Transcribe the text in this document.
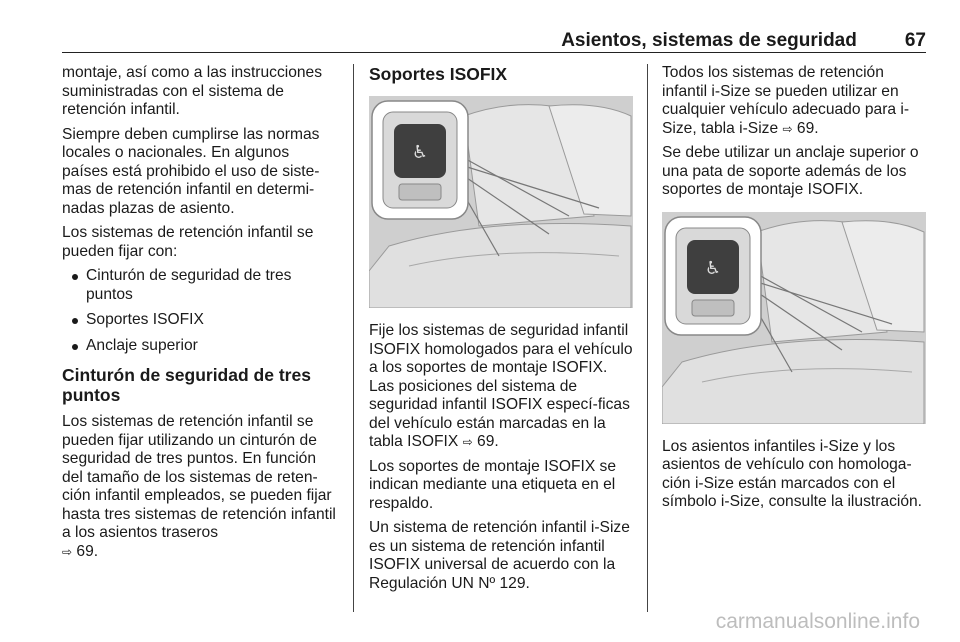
Asientos, sistemas de seguridad	67

montaje, así como a las instrucciones suministradas con el sistema de retención infantil.

Siempre deben cumplirse las normas locales o nacionales. En algunos países está prohibido el uso de siste-mas de retención infantil en determi-nadas plazas de asiento.

Los sistemas de retención infantil se pueden fijar con:

Cinturón de seguridad de tres puntos
Soportes ISOFIX
Anclaje superior
Cinturón de seguridad de tres puntos

Los sistemas de retención infantil se pueden fijar utilizando un cinturón de seguridad de tres puntos. En función del tamaño de los sistemas de reten-ción infantil empleados, se pueden fijar hasta tres sistemas de retención infantil a los asientos traseros
⇨ 69.

Soportes ISOFIX
♿

Fije los sistemas de seguridad infantil ISOFIX homologados para el vehículo a los soportes de montaje ISOFIX. Las posiciones del sistema de seguridad infantil ISOFIX especí-ficas del vehículo están marcadas en la tabla ISOFIX ⇨ 69.

Los soportes de montaje ISOFIX se indican mediante una etiqueta en el respaldo.

Un sistema de retención infantil i-Size es un sistema de retención infantil ISOFIX universal de acuerdo con la Regulación UN Nº 129.

Todos los sistemas de retención infantil i-Size se pueden utilizar en cualquier vehículo adecuado para i-Size, tabla i-Size ⇨ 69.

Se debe utilizar un anclaje superior o una pata de soporte además de los soportes de montaje ISOFIX.

♿

Los asientos infantiles i-Size y los asientos de vehículo con homologa-ción i-Size están marcados con el símbolo i-Size, consulte la ilustración.

carmanualsonline.info
